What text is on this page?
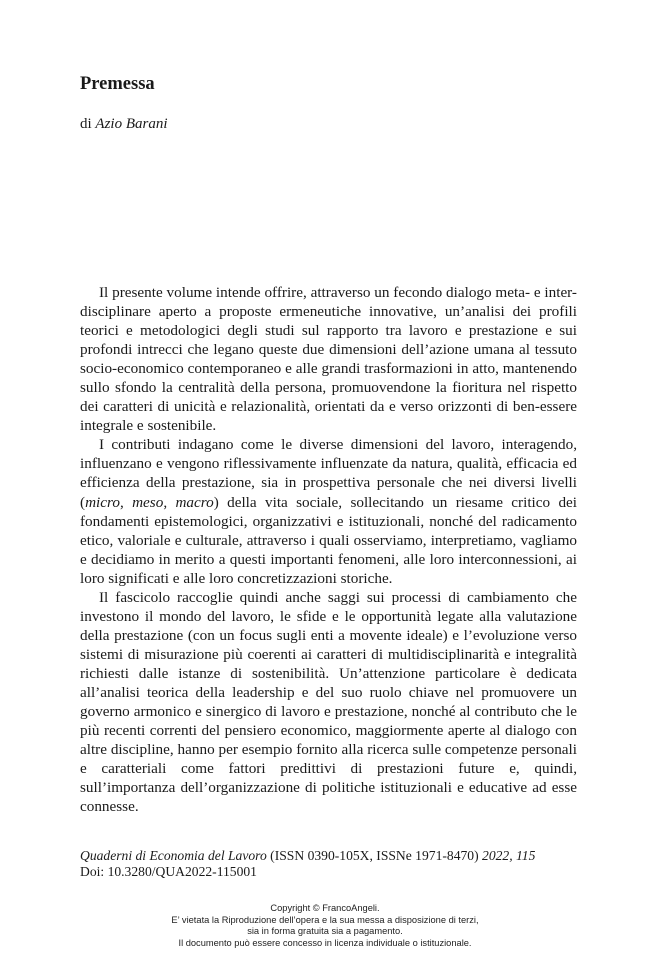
Premessa
di Azio Barani

Il presente volume intende offrire, attraverso un fecondo dialogo meta- e inter- disciplinare aperto a proposte ermeneutiche innovative, un’analisi dei profili teorici e metodologici degli studi sul rapporto tra lavoro e prestazione e sui profondi intrecci che legano queste due dimensioni dell’azione umana al tessuto socio-economico contemporaneo e alle grandi trasformazioni in atto, mantenendo sullo sfondo la centralità della persona, promuovendone la fioritura nel rispetto dei caratteri di unicità e relazionalità, orientati da e verso orizzonti di ben-essere integrale e sostenibile.

I contributi indagano come le diverse dimensioni del lavoro, interagendo, influenzano e vengono riflessivamente influenzate da natura, qualità, efficacia ed efficienza della prestazione, sia in prospettiva personale che nei diversi livelli (micro, meso, macro) della vita sociale, sollecitando un riesame critico dei fondamenti epistemologici, organizzativi e istituzionali, nonché del radicamento etico, valoriale e culturale, attraverso i quali osserviamo, interpretiamo, vagliamo e decidiamo in merito a questi importanti fenomeni, alle loro interconnessioni, ai loro significati e alle loro concretizzazioni storiche.

Il fascicolo raccoglie quindi anche saggi sui processi di cambiamento che investono il mondo del lavoro, le sfide e le opportunità legate alla valutazione della prestazione (con un focus sugli enti a movente ideale) e l’evoluzione verso sistemi di misurazione più coerenti ai caratteri di multidisciplinarità e integralità richiesti dalle istanze di sostenibilità. Un’attenzione particolare è dedicata all’analisi teorica della leadership e del suo ruolo chiave nel promuovere un governo armonico e sinergico di lavoro e prestazione, nonché al contributo che le più recenti correnti del pensiero economico, maggiormente aperte al dialogo con altre discipline, hanno per esempio fornito alla ricerca sulle competenze personali e caratteriali come fattori predittivi di prestazioni future e, quindi, sull’importanza dell’organizzazione di politiche istituzionali e educative ad esse connesse.

Quaderni di Economia del Lavoro (ISSN 0390-105X, ISSNe 1971-8470) 2022, 115
Doi: 10.3280/QUA2022-115001
Copyright © FrancoAngeli.
E’ vietata la Riproduzione dell’opera e la sua messa a disposizione di terzi,
sia in forma gratuita sia a pagamento.
Il documento può essere concesso in licenza individuale o istituzionale.
